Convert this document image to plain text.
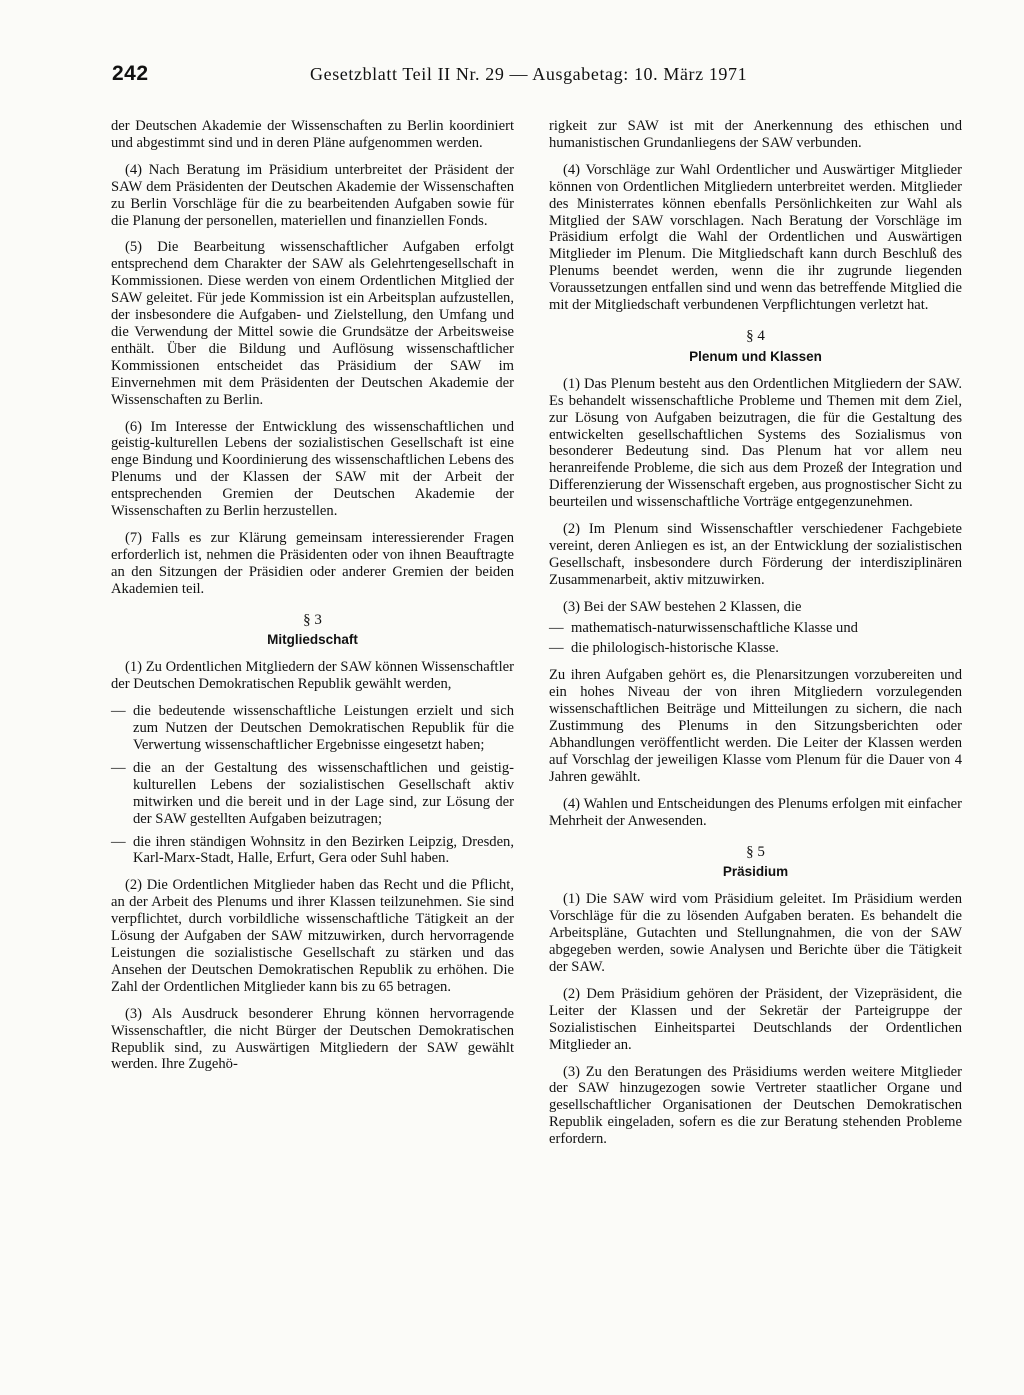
242	Gesetzblatt Teil II Nr. 29 — Ausgabetag: 10. März 1971

der Deutschen Akademie der Wissenschaften zu Berlin koordiniert und abgestimmt sind und in deren Pläne aufgenommen werden.

(4) Nach Beratung im Präsidium unterbreitet der Präsident der SAW dem Präsidenten der Deutschen Akademie der Wissenschaften zu Berlin Vorschläge für die zu bearbeitenden Aufgaben sowie für die Planung der personellen, materiellen und finanziellen Fonds.

(5) Die Bearbeitung wissenschaftlicher Aufgaben erfolgt entsprechend dem Charakter der SAW als Gelehrtengesellschaft in Kommissionen. Diese werden von einem Ordentlichen Mitglied der SAW geleitet. Für jede Kommission ist ein Arbeitsplan aufzustellen, der insbesondere die Aufgaben- und Zielstellung, den Umfang und die Verwendung der Mittel sowie die Grundsätze der Arbeitsweise enthält. Über die Bildung und Auflösung wissenschaftlicher Kommissionen entscheidet das Präsidium der SAW im Einvernehmen mit dem Präsidenten der Deutschen Akademie der Wissenschaften zu Berlin.

(6) Im Interesse der Entwicklung des wissenschaftlichen und geistig-kulturellen Lebens der sozialistischen Gesellschaft ist eine enge Bindung und Koordinierung des wissenschaftlichen Lebens des Plenums und der Klassen der SAW mit der Arbeit der entsprechenden Gremien der Deutschen Akademie der Wissenschaften zu Berlin herzustellen.

(7) Falls es zur Klärung gemeinsam interessierender Fragen erforderlich ist, nehmen die Präsidenten oder von ihnen Beauftragte an den Sitzungen der Präsidien oder anderer Gremien der beiden Akademien teil.

§ 3
Mitgliedschaft

(1) Zu Ordentlichen Mitgliedern der SAW können Wissenschaftler der Deutschen Demokratischen Republik gewählt werden,

— die bedeutende wissenschaftliche Leistungen erzielt und sich zum Nutzen der Deutschen Demokratischen Republik für die Verwertung wissenschaftlicher Ergebnisse eingesetzt haben;
— die an der Gestaltung des wissenschaftlichen und geistig-kulturellen Lebens der sozialistischen Gesellschaft aktiv mitwirken und die bereit und in der Lage sind, zur Lösung der der SAW gestellten Aufgaben beizutragen;
— die ihren ständigen Wohnsitz in den Bezirken Leipzig, Dresden, Karl-Marx-Stadt, Halle, Erfurt, Gera oder Suhl haben.

(2) Die Ordentlichen Mitglieder haben das Recht und die Pflicht, an der Arbeit des Plenums und ihrer Klassen teilzunehmen. Sie sind verpflichtet, durch vorbildliche wissenschaftliche Tätigkeit an der Lösung der Aufgaben der SAW mitzuwirken, durch hervorragende Leistungen die sozialistische Gesellschaft zu stärken und das Ansehen der Deutschen Demokratischen Republik zu erhöhen. Die Zahl der Ordentlichen Mitglieder kann bis zu 65 betragen.

(3) Als Ausdruck besonderer Ehrung können hervorragende Wissenschaftler, die nicht Bürger der Deutschen Demokratischen Republik sind, zu Auswärtigen Mitgliedern der SAW gewählt werden. Ihre Zugehö-

rigkeit zur SAW ist mit der Anerkennung des ethischen und humanistischen Grundanliegens der SAW verbunden.

(4) Vorschläge zur Wahl Ordentlicher und Auswärtiger Mitglieder können von Ordentlichen Mitgliedern unterbreitet werden. Mitglieder des Ministerrates können ebenfalls Persönlichkeiten zur Wahl als Mitglied der SAW vorschlagen. Nach Beratung der Vorschläge im Präsidium erfolgt die Wahl der Ordentlichen und Auswärtigen Mitglieder im Plenum. Die Mitgliedschaft kann durch Beschluß des Plenums beendet werden, wenn die ihr zugrunde liegenden Voraussetzungen entfallen sind und wenn das betreffende Mitglied die mit der Mitgliedschaft verbundenen Verpflichtungen verletzt hat.

§ 4
Plenum und Klassen

(1) Das Plenum besteht aus den Ordentlichen Mitgliedern der SAW. Es behandelt wissenschaftliche Probleme und Themen mit dem Ziel, zur Lösung von Aufgaben beizutragen, die für die Gestaltung des entwickelten gesellschaftlichen Systems des Sozialismus von besonderer Bedeutung sind. Das Plenum hat vor allem neu heranreifende Probleme, die sich aus dem Prozeß der Integration und Differenzierung der Wissenschaft ergeben, aus prognostischer Sicht zu beurteilen und wissenschaftliche Vorträge entgegenzunehmen.

(2) Im Plenum sind Wissenschaftler verschiedener Fachgebiete vereint, deren Anliegen es ist, an der Entwicklung der sozialistischen Gesellschaft, insbesondere durch Förderung der interdisziplinären Zusammenarbeit, aktiv mitzuwirken.

(3) Bei der SAW bestehen 2 Klassen, die

— mathematisch-naturwissenschaftliche Klasse und
— die philologisch-historische Klasse.

Zu ihren Aufgaben gehört es, die Plenarsitzungen vorzubereiten und ein hohes Niveau der von ihren Mitgliedern vorzulegenden wissenschaftlichen Beiträge und Mitteilungen zu sichern, die nach Zustimmung des Plenums in den Sitzungsberichten oder Abhandlungen veröffentlicht werden. Die Leiter der Klassen werden auf Vorschlag der jeweiligen Klasse vom Plenum für die Dauer von 4 Jahren gewählt.

(4) Wahlen und Entscheidungen des Plenums erfolgen mit einfacher Mehrheit der Anwesenden.

§ 5
Präsidium

(1) Die SAW wird vom Präsidium geleitet. Im Präsidium werden Vorschläge für die zu lösenden Aufgaben beraten. Es behandelt die Arbeitspläne, Gutachten und Stellungnahmen, die von der SAW abgegeben werden, sowie Analysen und Berichte über die Tätigkeit der SAW.

(2) Dem Präsidium gehören der Präsident, der Vizepräsident, die Leiter der Klassen und der Sekretär der Parteigruppe der Sozialistischen Einheitspartei Deutschlands der Ordentlichen Mitglieder an.

(3) Zu den Beratungen des Präsidiums werden weitere Mitglieder der SAW hinzugezogen sowie Vertreter staatlicher Organe und gesellschaftlicher Organisationen der Deutschen Demokratischen Republik eingeladen, sofern es die zur Beratung stehenden Probleme erfordern.
